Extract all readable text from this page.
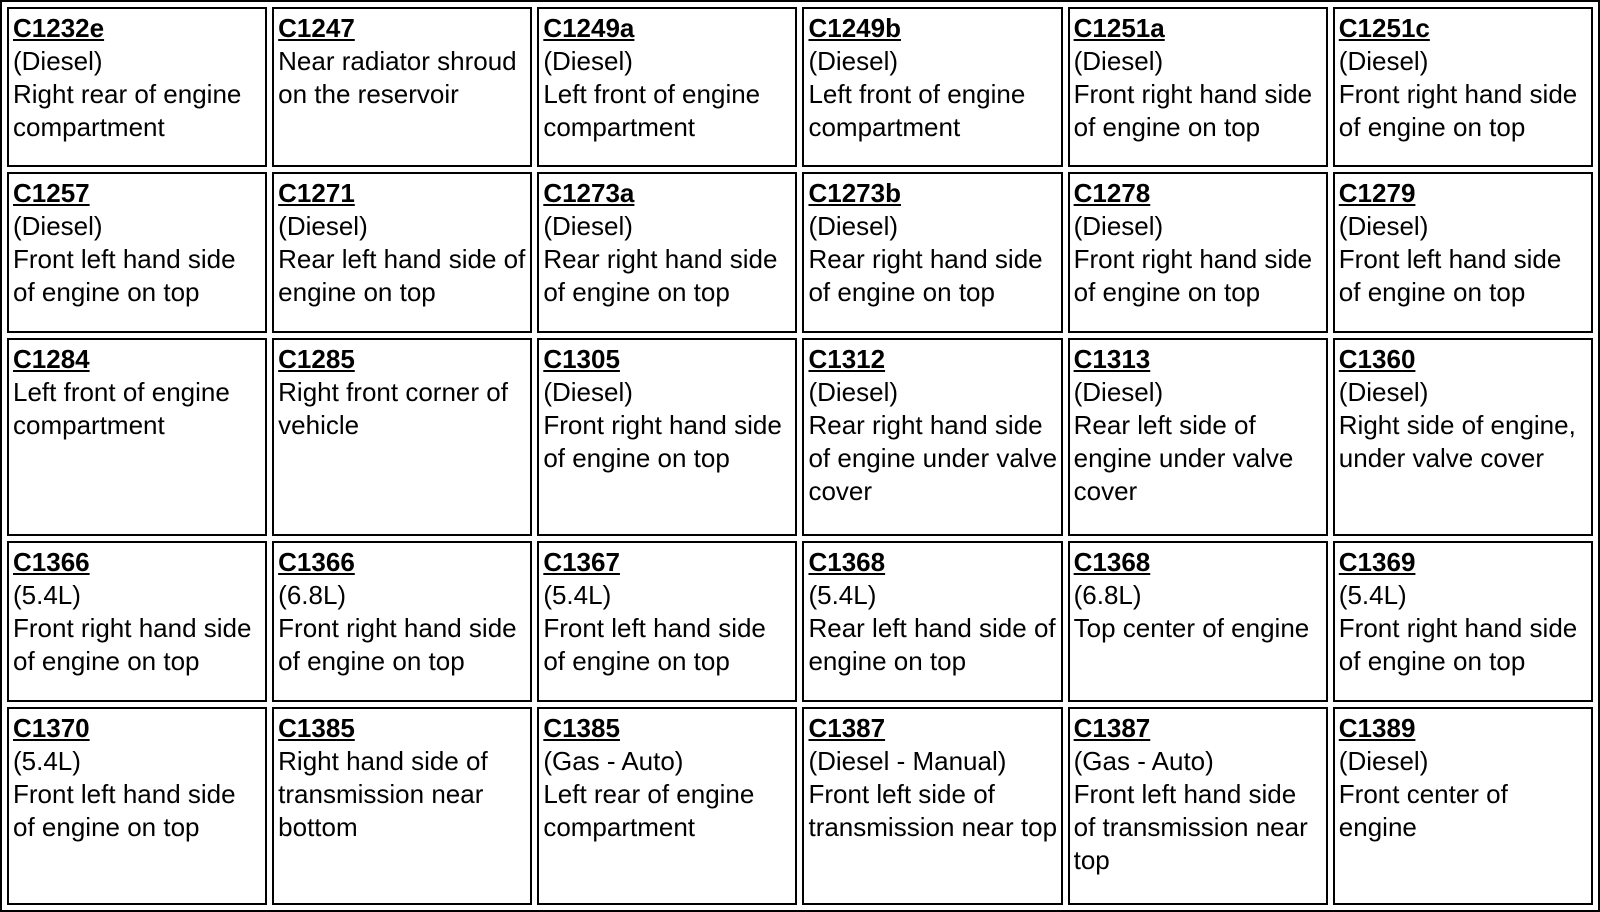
C1232e
(Diesel)
Right rear of engine compartment	C1247
Near radiator shroud on the reservoir	C1249a
(Diesel)
Left front of engine compartment	C1249b
(Diesel)
Left front of engine compartment	C1251a
(Diesel)
Front right hand side of engine on top	C1251c
(Diesel)
Front right hand side of engine on top

C1257
(Diesel)
Front left hand side of engine on top	C1271
(Diesel)
Rear left hand side of engine on top	C1273a
(Diesel)
Rear right hand side of engine on top	C1273b
(Diesel)
Rear right hand side of engine on top	C1278
(Diesel)
Front right hand side of engine on top	C1279
(Diesel)
Front left hand side of engine on top

C1284
Left front of engine compartment	C1285
Right front corner of vehicle	C1305
(Diesel)
Front right hand side of engine on top	C1312
(Diesel)
Rear right hand side of engine under valve cover	C1313
(Diesel)
Rear left side of engine under valve cover	C1360
(Diesel)
Right side of engine, under valve cover

C1366
(5.4L)
Front right hand side of engine on top	C1366
(6.8L)
Front right hand side of engine on top	C1367
(5.4L)
Front left hand side of engine on top	C1368
(5.4L)
Rear left hand side of engine on top	C1368
(6.8L)
Top center of engine	C1369
(5.4L)
Front right hand side of engine on top

C1370
(5.4L)
Front left hand side of engine on top	C1385
Right hand side of transmission near bottom	C1385
(Gas - Auto)
Left rear of engine compartment	C1387
(Diesel - Manual)
Front left side of transmission near top	C1387
(Gas - Auto)
Front left hand side of transmission near top	C1389
(Diesel)
Front center of engine
